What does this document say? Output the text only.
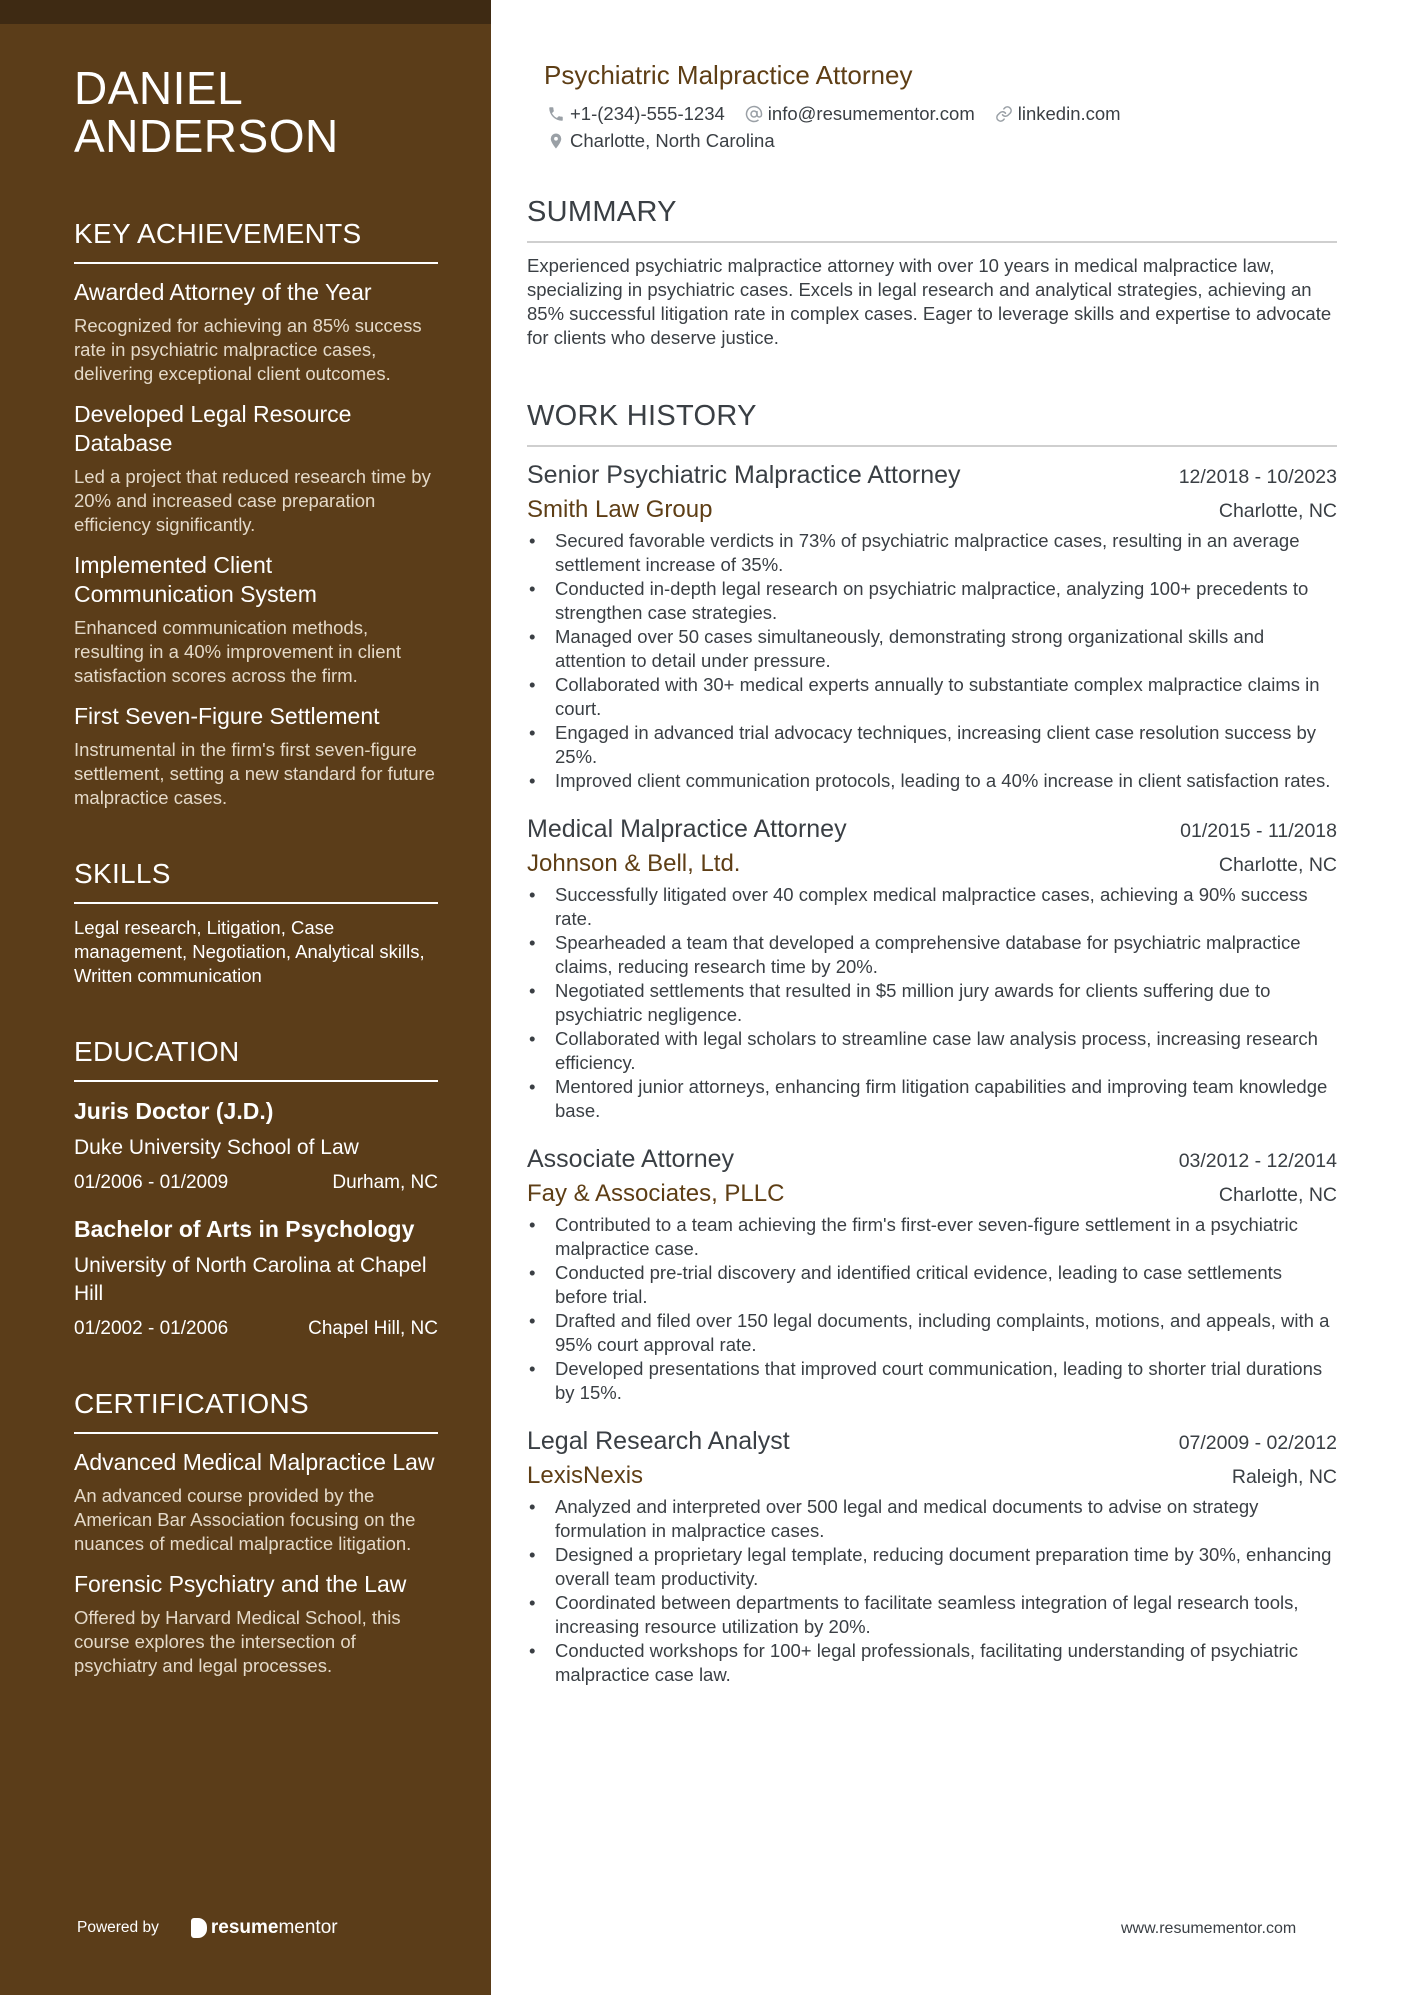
DANIEL
ANDERSON
KEY ACHIEVEMENTS
Awarded Attorney of the Year
Recognized for achieving an 85% success rate in psychiatric malpractice cases, delivering exceptional client outcomes.
Developed Legal Resource Database
Led a project that reduced research time by 20% and increased case preparation efficiency significantly.
Implemented Client Communication System
Enhanced communication methods, resulting in a 40% improvement in client satisfaction scores across the firm.
First Seven-Figure Settlement
Instrumental in the firm's first seven-figure settlement, setting a new standard for future malpractice cases.
SKILLS
Legal research, Litigation, Case management, Negotiation, Analytical skills, Written communication
EDUCATION
Juris Doctor (J.D.)
Duke University School of Law
01/2006 - 01/2009	Durham, NC
Bachelor of Arts in Psychology
University of North Carolina at Chapel Hill
01/2002 - 01/2006	Chapel Hill, NC
CERTIFICATIONS
Advanced Medical Malpractice Law
An advanced course provided by the American Bar Association focusing on the nuances of medical malpractice litigation.
Forensic Psychiatry and the Law
Offered by Harvard Medical School, this course explores the intersection of psychiatry and legal processes.
Powered by	resume mentor
Psychiatric Malpractice Attorney
+1-(234)-555-1234 info@resumementor.com linkedin.com
Charlotte, North Carolina
SUMMARY
Experienced psychiatric malpractice attorney with over 10 years in medical malpractice law, specializing in psychiatric cases. Excels in legal research and analytical strategies, achieving an 85% successful litigation rate in complex cases. Eager to leverage skills and expertise to advocate for clients who deserve justice.
WORK HISTORY
Senior Psychiatric Malpractice Attorney	12/2018 - 10/2023
Smith Law Group	Charlotte, NC
• Secured favorable verdicts in 73% of psychiatric malpractice cases, resulting in an average settlement increase of 35%.
• Conducted in-depth legal research on psychiatric malpractice, analyzing 100+ precedents to strengthen case strategies.
• Managed over 50 cases simultaneously, demonstrating strong organizational skills and attention to detail under pressure.
• Collaborated with 30+ medical experts annually to substantiate complex malpractice claims in court.
• Engaged in advanced trial advocacy techniques, increasing client case resolution success by 25%.
• Improved client communication protocols, leading to a 40% increase in client satisfaction rates.
Medical Malpractice Attorney	01/2015 - 11/2018
Johnson & Bell, Ltd.	Charlotte, NC
• Successfully litigated over 40 complex medical malpractice cases, achieving a 90% success rate.
• Spearheaded a team that developed a comprehensive database for psychiatric malpractice claims, reducing research time by 20%.
• Negotiated settlements that resulted in $5 million jury awards for clients suffering due to psychiatric negligence.
• Collaborated with legal scholars to streamline case law analysis process, increasing research efficiency.
• Mentored junior attorneys, enhancing firm litigation capabilities and improving team knowledge base.
Associate Attorney	03/2012 - 12/2014
Fay & Associates, PLLC	Charlotte, NC
• Contributed to a team achieving the firm's first-ever seven-figure settlement in a psychiatric malpractice case.
• Conducted pre-trial discovery and identified critical evidence, leading to case settlements before trial.
• Drafted and filed over 150 legal documents, including complaints, motions, and appeals, with a 95% court approval rate.
• Developed presentations that improved court communication, leading to shorter trial durations by 15%.
Legal Research Analyst	07/2009 - 02/2012
LexisNexis	Raleigh, NC
• Analyzed and interpreted over 500 legal and medical documents to advise on strategy formulation in malpractice cases.
• Designed a proprietary legal template, reducing document preparation time by 30%, enhancing overall team productivity.
• Coordinated between departments to facilitate seamless integration of legal research tools, increasing resource utilization by 20%.
• Conducted workshops for 100+ legal professionals, facilitating understanding of psychiatric malpractice case law.
www.resumementor.com
